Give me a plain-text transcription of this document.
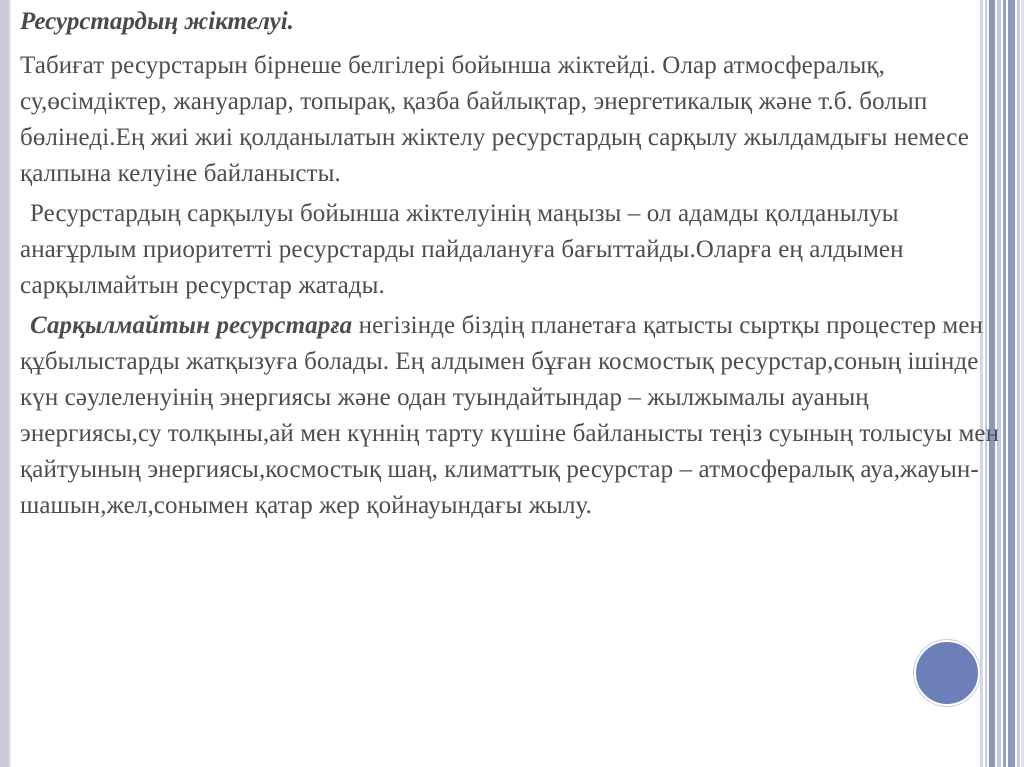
Ресурстардың жіктелуі.

Табиғат ресурстарын бірнеше белгілері бойынша жіктейді. Олар атмосфералық, су,өсімдіктер, жануарлар, топырақ, қазба байлықтар, энергетикалық және т.б. болып бөлінеді.Ең жиі жиі қолданылатын жіктелу ресурстардың сарқылу жылдамдығы немесе қалпына келуіне байланысты.

Ресурстардың сарқылуы бойынша жіктелуінің маңызы – ол адамды қолданылуы анағұрлым приоритетті ресурстарды пайдалануға бағыттайды.Оларға ең алдымен сарқылмайтын ресурстар жатады.

Сарқылмайтын ресурстарға негізінде біздің планетаға қатысты сыртқы процестер мен құбылыстарды жатқызуға болады. Ең алдымен бұған космостық ресурстар,соның ішінде күн сәулеленуінің энергиясы және одан туындайтындар – жылжымалы ауаның энергиясы,су толқыны,ай мен күннің тарту күшіне байланысты теңіз суының толысуы мен қайтуының энергиясы,космостық шаң, климаттық ресурстар – атмосфералық ауа,жауын- шашын,жел,сонымен қатар жер қойнауындағы жылу.
